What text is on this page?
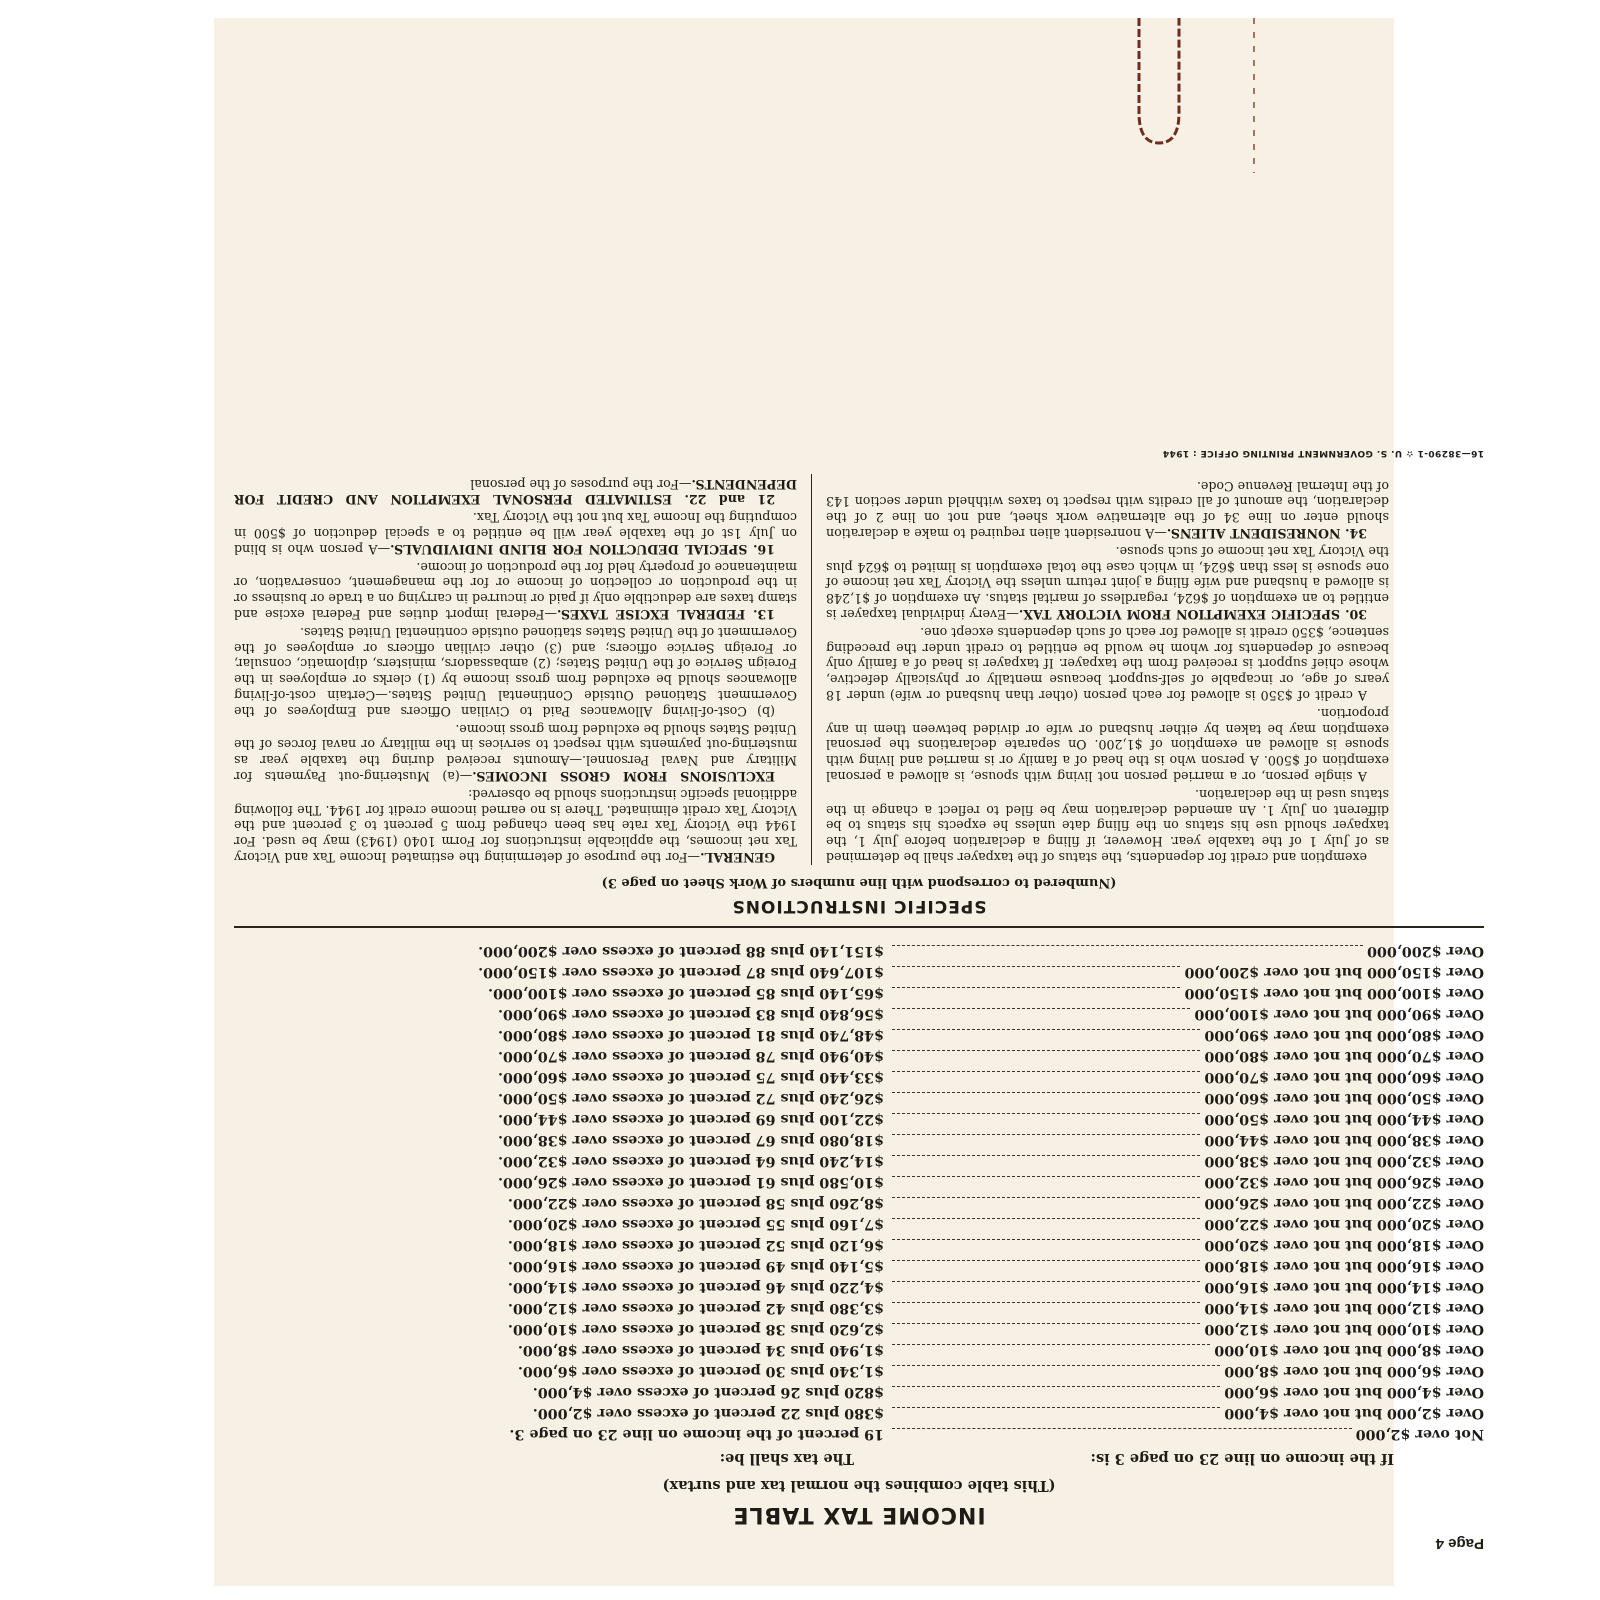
Page 4
INCOME TAX TABLE
(This table combines the normal tax and surtax)
If the income on line 23 on page 3 is:
The tax shall be:
Not over $2,000
19 percent of the income on line 23 on page 3.
Over $2,000 but not over $4,000
$380 plus 22 percent of excess over $2,000.
Over $4,000 but not over $6,000
$820 plus 26 percent of excess over $4,000.
Over $6,000 but not over $8,000
$1,340 plus 30 percent of excess over $6,000.
Over $8,000 but not over $10,000
$1,940 plus 34 percent of excess over $8,000.
Over $10,000 but not over $12,000
$2,620 plus 38 percent of excess over $10,000.
Over $12,000 but not over $14,000
$3,380 plus 42 percent of excess over $12,000.
Over $14,000 but not over $16,000
$4,220 plus 46 percent of excess over $14,000.
Over $16,000 but not over $18,000
$5,140 plus 49 percent of excess over $16,000.
Over $18,000 but not over $20,000
$6,120 plus 52 percent of excess over $18,000.
Over $20,000 but not over $22,000
$7,160 plus 55 percent of excess over $20,000.
Over $22,000 but not over $26,000
$8,260 plus 58 percent of excess over $22,000.
Over $26,000 but not over $32,000
$10,580 plus 61 percent of excess over $26,000.
Over $32,000 but not over $38,000
$14,240 plus 64 percent of excess over $32,000.
Over $38,000 but not over $44,000
$18,080 plus 67 percent of excess over $38,000.
Over $44,000 but not over $50,000
$22,100 plus 69 percent of excess over $44,000.
Over $50,000 but not over $60,000
$26,240 plus 72 percent of excess over $50,000.
Over $60,000 but not over $70,000
$33,440 plus 75 percent of excess over $60,000.
Over $70,000 but not over $80,000
$40,940 plus 78 percent of excess over $70,000.
Over $80,000 but not over $90,000
$48,740 plus 81 percent of excess over $80,000.
Over $90,000 but not over $100,000
$56,840 plus 83 percent of excess over $90,000.
Over $100,000 but not over $150,000
$65,140 plus 85 percent of excess over $100,000.
Over $150,000 but not over $200,000
$107,640 plus 87 percent of excess over $150,000.
Over $200,000
$151,140 plus 88 percent of excess over $200,000.
SPECIFIC INSTRUCTIONS
(Numbered to correspond with line numbers of Work Sheet on page 3)

exemption and credit for dependents, the status of the taxpayer shall be determined as of July 1 of the taxable year. However, if filing a declaration before July 1, the taxpayer should use his status on the filing date unless he expects his status to be different on July 1. An amended declaration may be filed to reflect a change in the status used in the declaration.

A single person, or a married person not living with spouse, is allowed a personal exemption of $500. A person who is the head of a family or is married and living with spouse is allowed an exemption of $1,200. On separate declarations the personal exemption may be taken by either husband or wife or divided between them in any proportion.

A credit of $350 is allowed for each person (other than husband or wife) under 18 years of age, or incapable of self-support because mentally or physically defective, whose chief support is received from the taxpayer. If taxpayer is head of a family only because of dependents for whom he would be entitled to credit under the preceding sentence, $350 credit is allowed for each of such dependents except one.

30. SPECIFIC EXEMPTION FROM VICTORY TAX.—Every individual taxpayer is entitled to an exemption of $624, regardless of marital status. An exemption of $1,248 is allowed a husband and wife filing a joint return unless the Victory Tax net income of one spouse is less than $624, in which case the total exemption is limited to $624 plus the Victory Tax net income of such spouse.

34. NONRESIDENT ALIENS.—A nonresident alien required to make a declaration should enter on line 34 of the alternative work sheet, and not on line 2 of the declaration, the amount of all credits with respect to taxes withheld under section 143 of the Internal Revenue Code.

GENERAL.—For the purpose of determining the estimated Income Tax and Victory Tax net incomes, the applicable instructions for Form 1040 (1943) may be used. For 1944 the Victory Tax rate has been changed from 5 percent to 3 percent and the Victory Tax credit eliminated. There is no earned income credit for 1944. The following additional specific instructions should be observed:

EXCLUSIONS FROM GROSS INCOMES.—(a) Mustering-out Payments for Military and Naval Personnel.—Amounts received during the taxable year as mustering-out payments with respect to services in the military or naval forces of the United States should be excluded from gross income.

(b) Cost-of-living Allowances Paid to Civilian Officers and Employees of the Government Stationed Outside Continental United States.—Certain cost-of-living allowances should be excluded from gross income by (1) clerks or employees in the Foreign Service of the United States; (2) ambassadors, ministers, diplomatic, consular, or Foreign Service officers; and (3) other civilian officers or employees of the Government of the United States stationed outside continental United States.

13. FEDERAL EXCISE TAXES.—Federal import duties and Federal excise and stamp taxes are deductible only if paid or incurred in carrying on a trade or business or in the production or collection of income or for the management, conservation, or maintenance of property held for the production of income.

16. SPECIAL DEDUCTION FOR BLIND INDIVIDUALS.—A person who is blind on July 1st of the taxable year will be entitled to a special deduction of $500 in computing the Income Tax but not the Victory Tax.

21 and 22. ESTIMATED PERSONAL EXEMPTION AND CREDIT FOR DEPENDENTS.—For the purposes of the personal

16—38290-1 ✫ U. S. GOVERNMENT PRINTING OFFICE : 1944
